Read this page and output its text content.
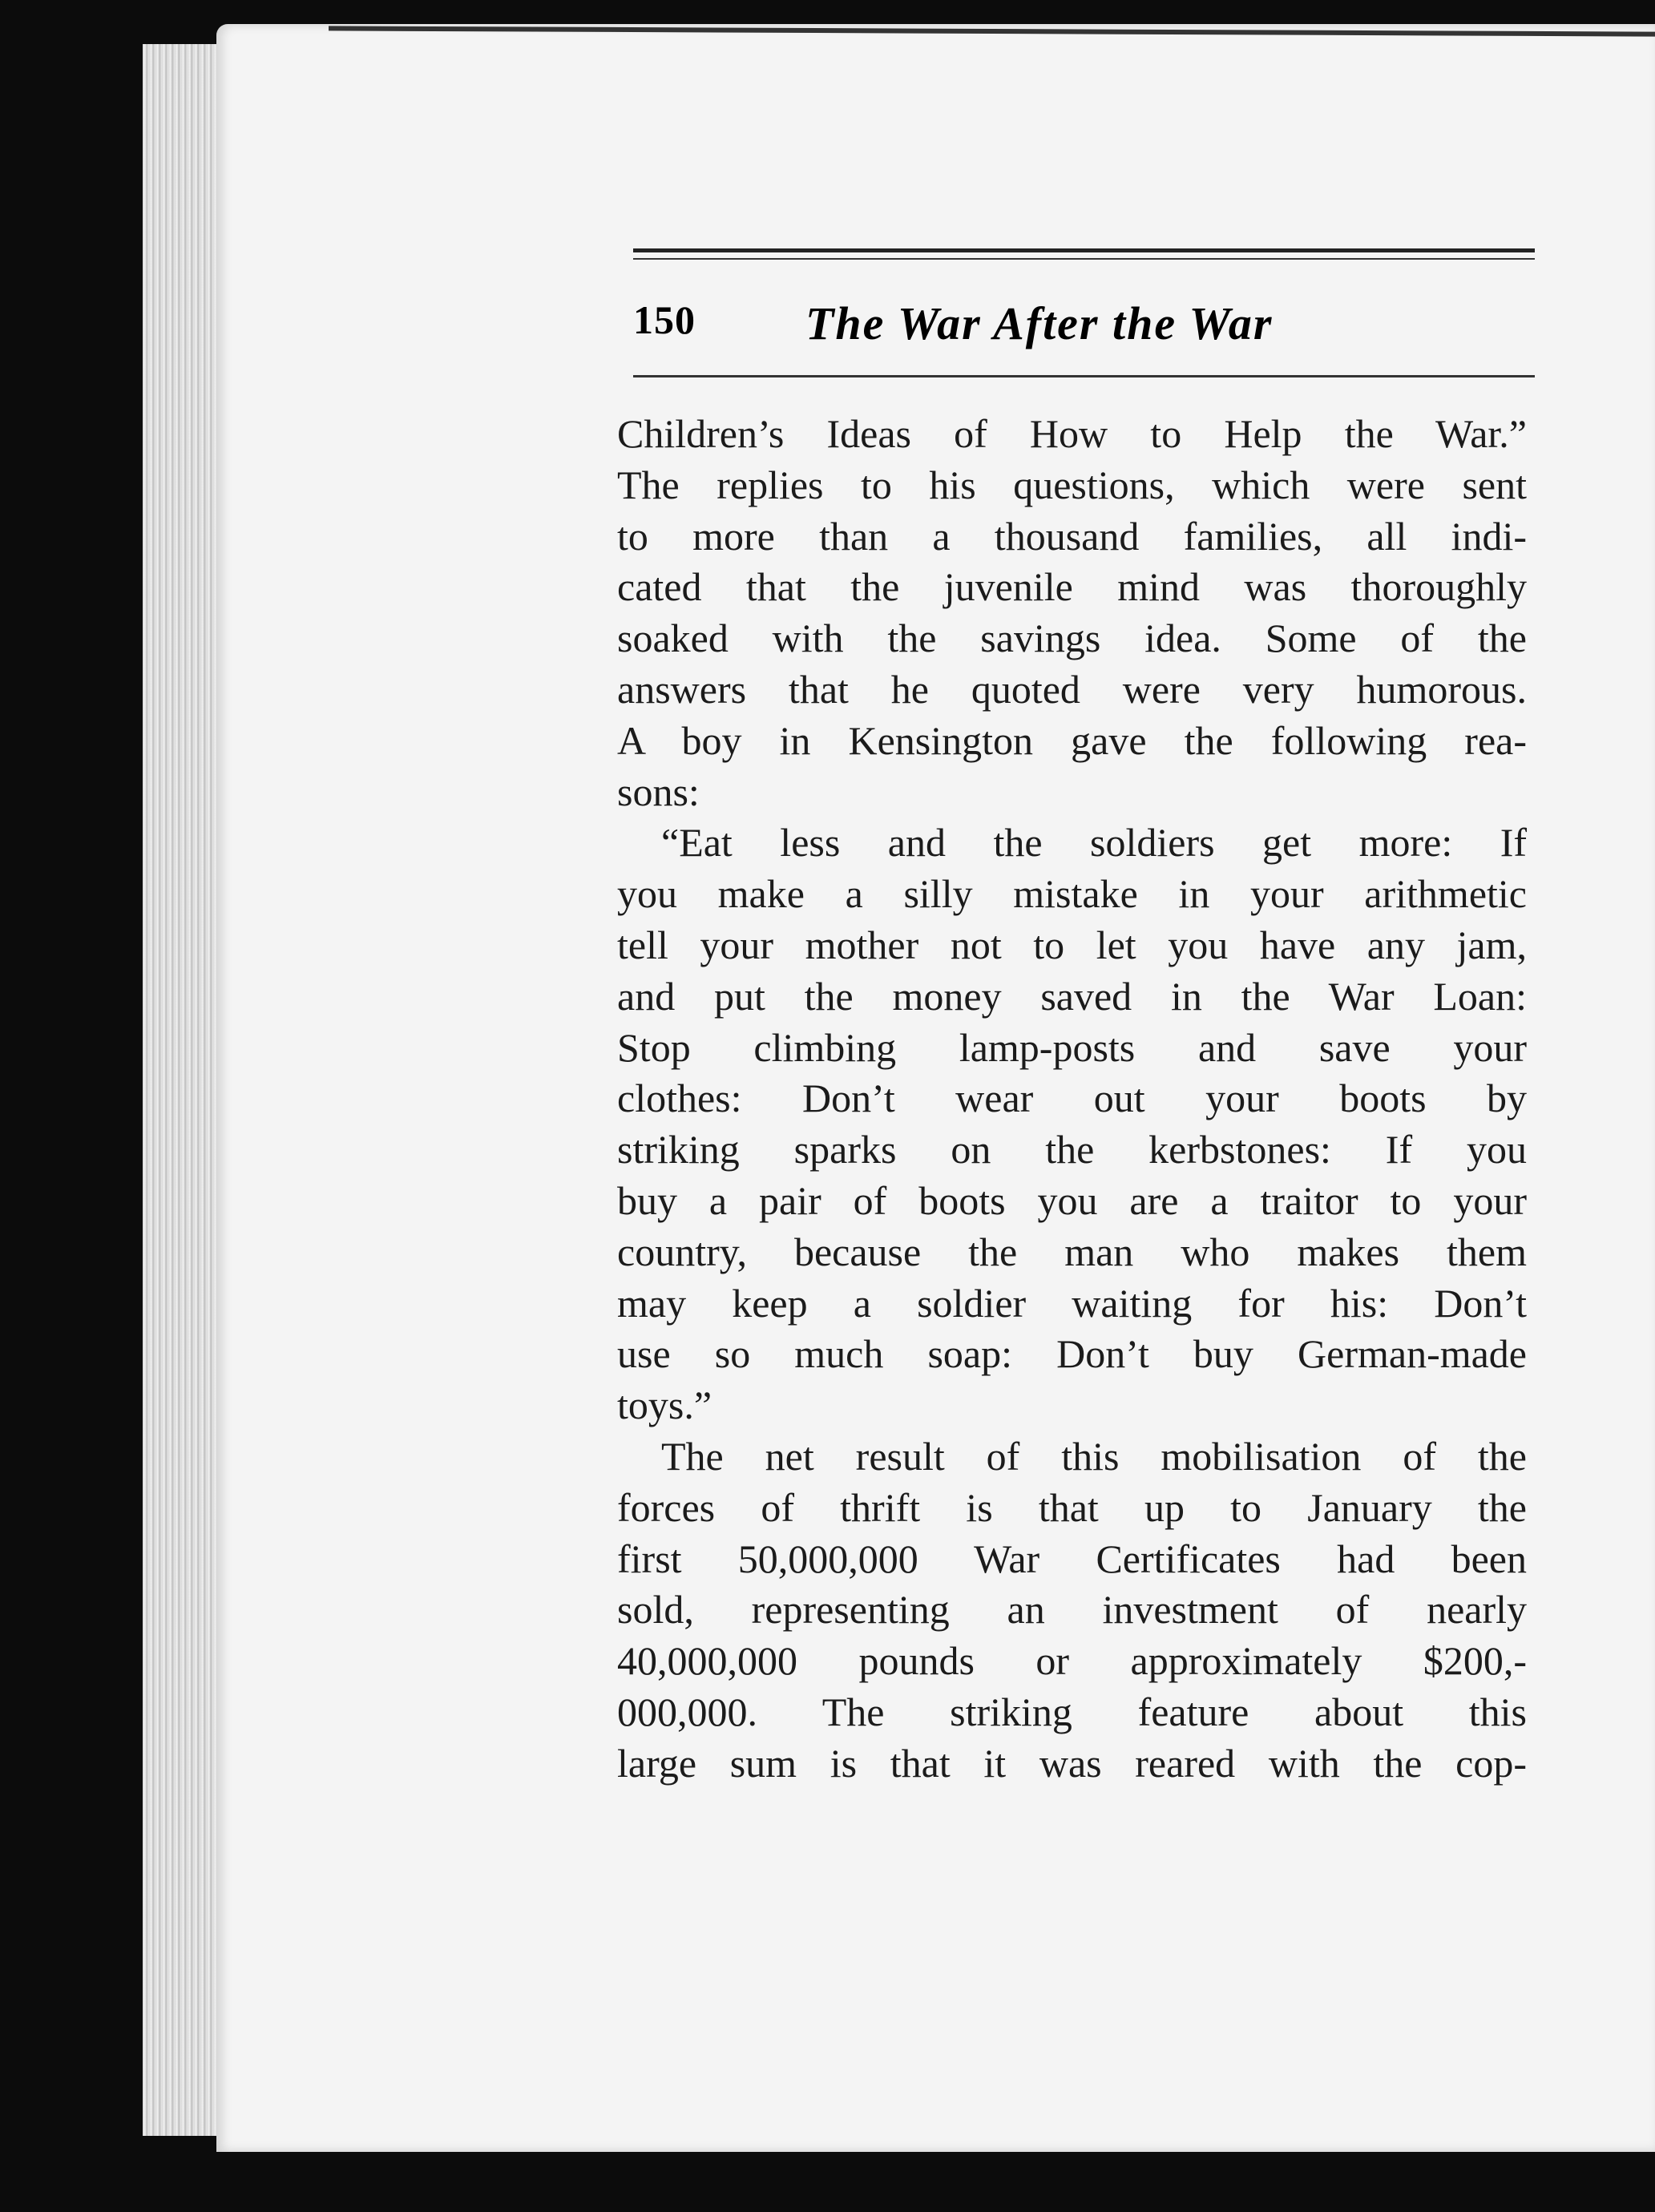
150 The War After the War
Children’s Ideas of How to Help the War.”
The replies to his questions, which were sent
to more than a thousand families, all indi-
cated that the juvenile mind was thoroughly
soaked with the savings idea. Some of the
answers that he quoted were very humorous.
A boy in Kensington gave the following rea-
sons:
“Eat less and the soldiers get more: If
you make a silly mistake in your arithmetic
tell your mother not to let you have any jam,
and put the money saved in the War Loan:
Stop climbing lamp-posts and save your
clothes: Don’t wear out your boots by
striking sparks on the kerbstones: If you
buy a pair of boots you are a traitor to your
country, because the man who makes them
may keep a soldier waiting for his: Don’t
use so much soap: Don’t buy German-made
toys.”
The net result of this mobilisation of the
forces of thrift is that up to January the
first 50,000,000 War Certificates had been
sold, representing an investment of nearly
40,000,000 pounds or approximately $200,-
000,000. The striking feature about this
large sum is that it was reared with the cop-
